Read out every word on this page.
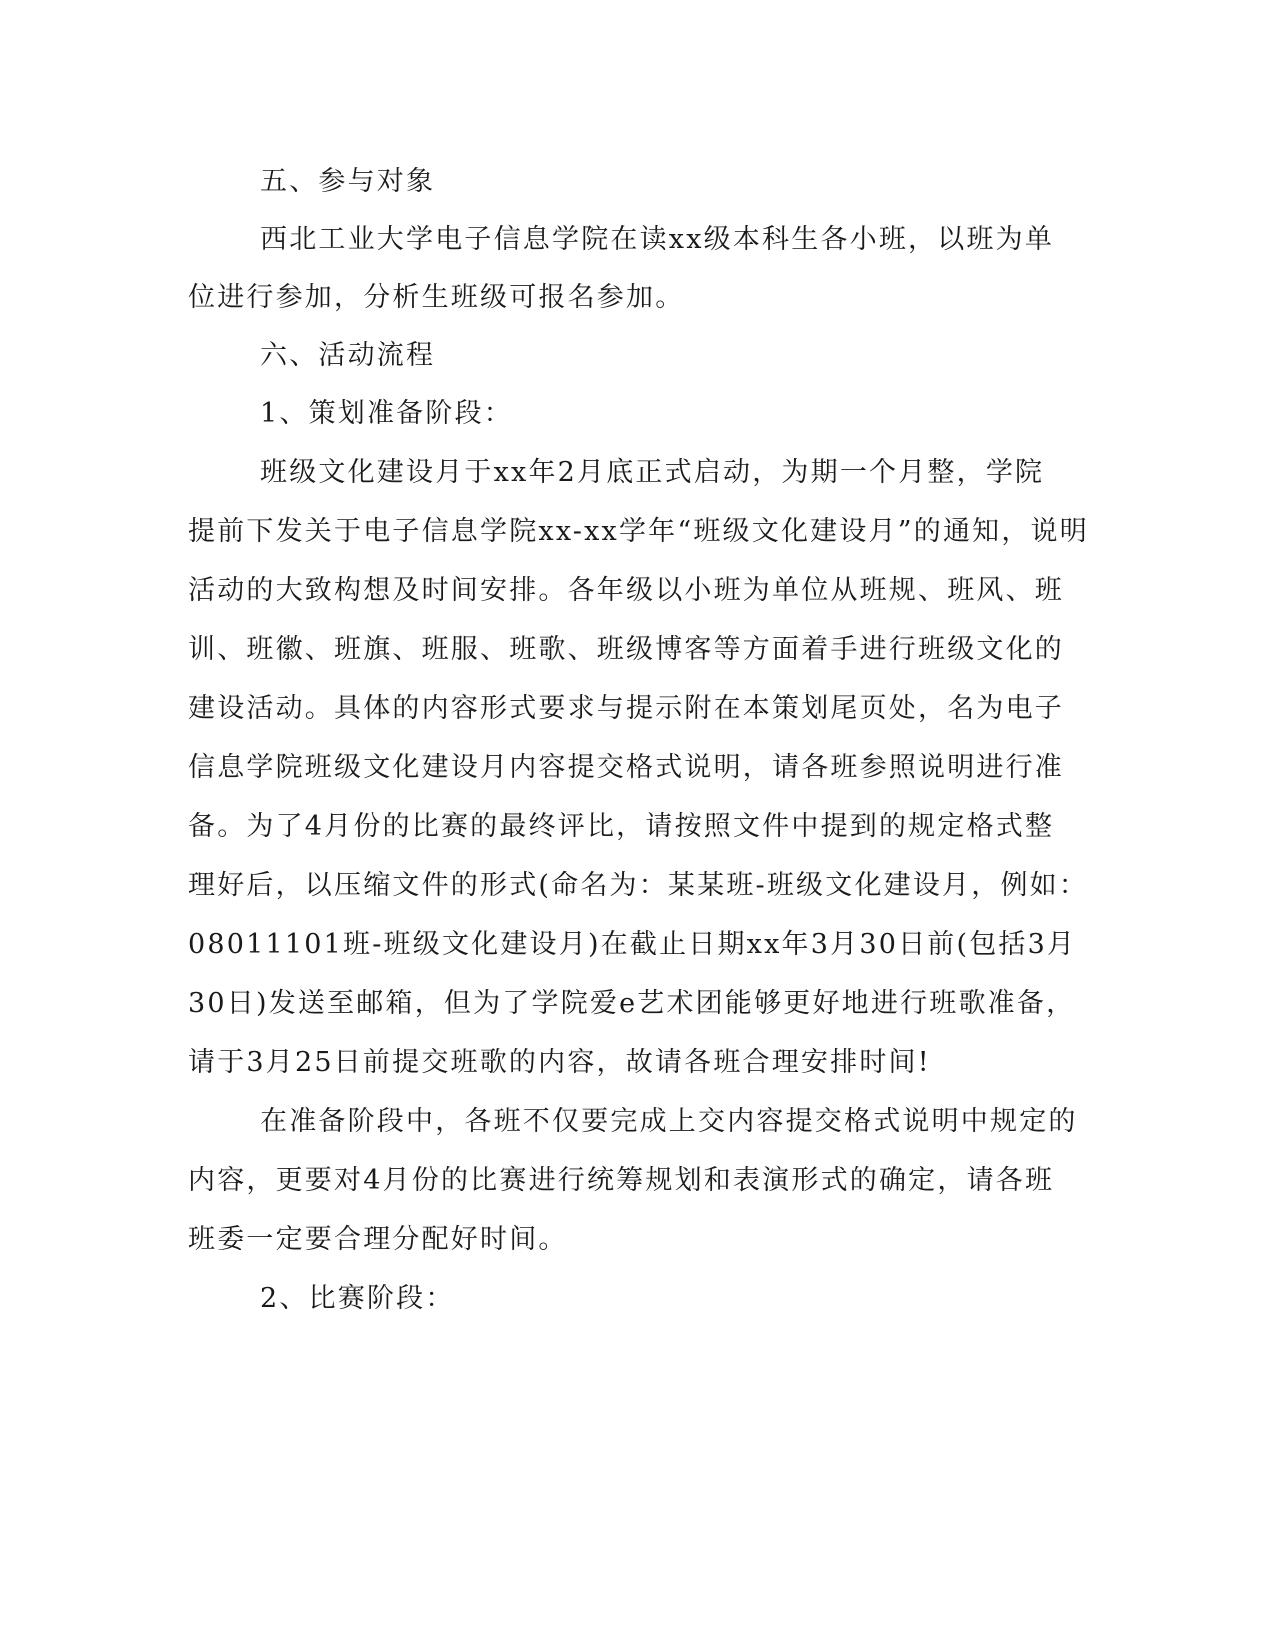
五、参与对象
西北工业大学电子信息学院在读xx级本科生各小班，以班为单
位进行参加，分析生班级可报名参加。
六、活动流程
1、策划准备阶段：
班级文化建设月于xx年2月底正式启动，为期一个月整，学院
提前下发关于电子信息学院xx-xx学年“班级文化建设月”的通知，说明
活动的大致构想及时间安排。各年级以小班为单位从班规、班风、班
训、班徽、班旗、班服、班歌、班级博客等方面着手进行班级文化的
建设活动。具体的内容形式要求与提示附在本策划尾页处，名为电子
信息学院班级文化建设月内容提交格式说明，请各班参照说明进行准
备。为了4月份的比赛的最终评比，请按照文件中提到的规定格式整
理好后，以压缩文件的形式(命名为：某某班-班级文化建设月，例如：
08011101班-班级文化建设月)在截止日期xx年3月30日前(包括3月
30日)发送至邮箱，但为了学院爱e艺术团能够更好地进行班歌准备，
请于3月25日前提交班歌的内容，故请各班合理安排时间!
在准备阶段中，各班不仅要完成上交内容提交格式说明中规定的
内容，更要对4月份的比赛进行统筹规划和表演形式的确定，请各班
班委一定要合理分配好时间。
2、比赛阶段：
